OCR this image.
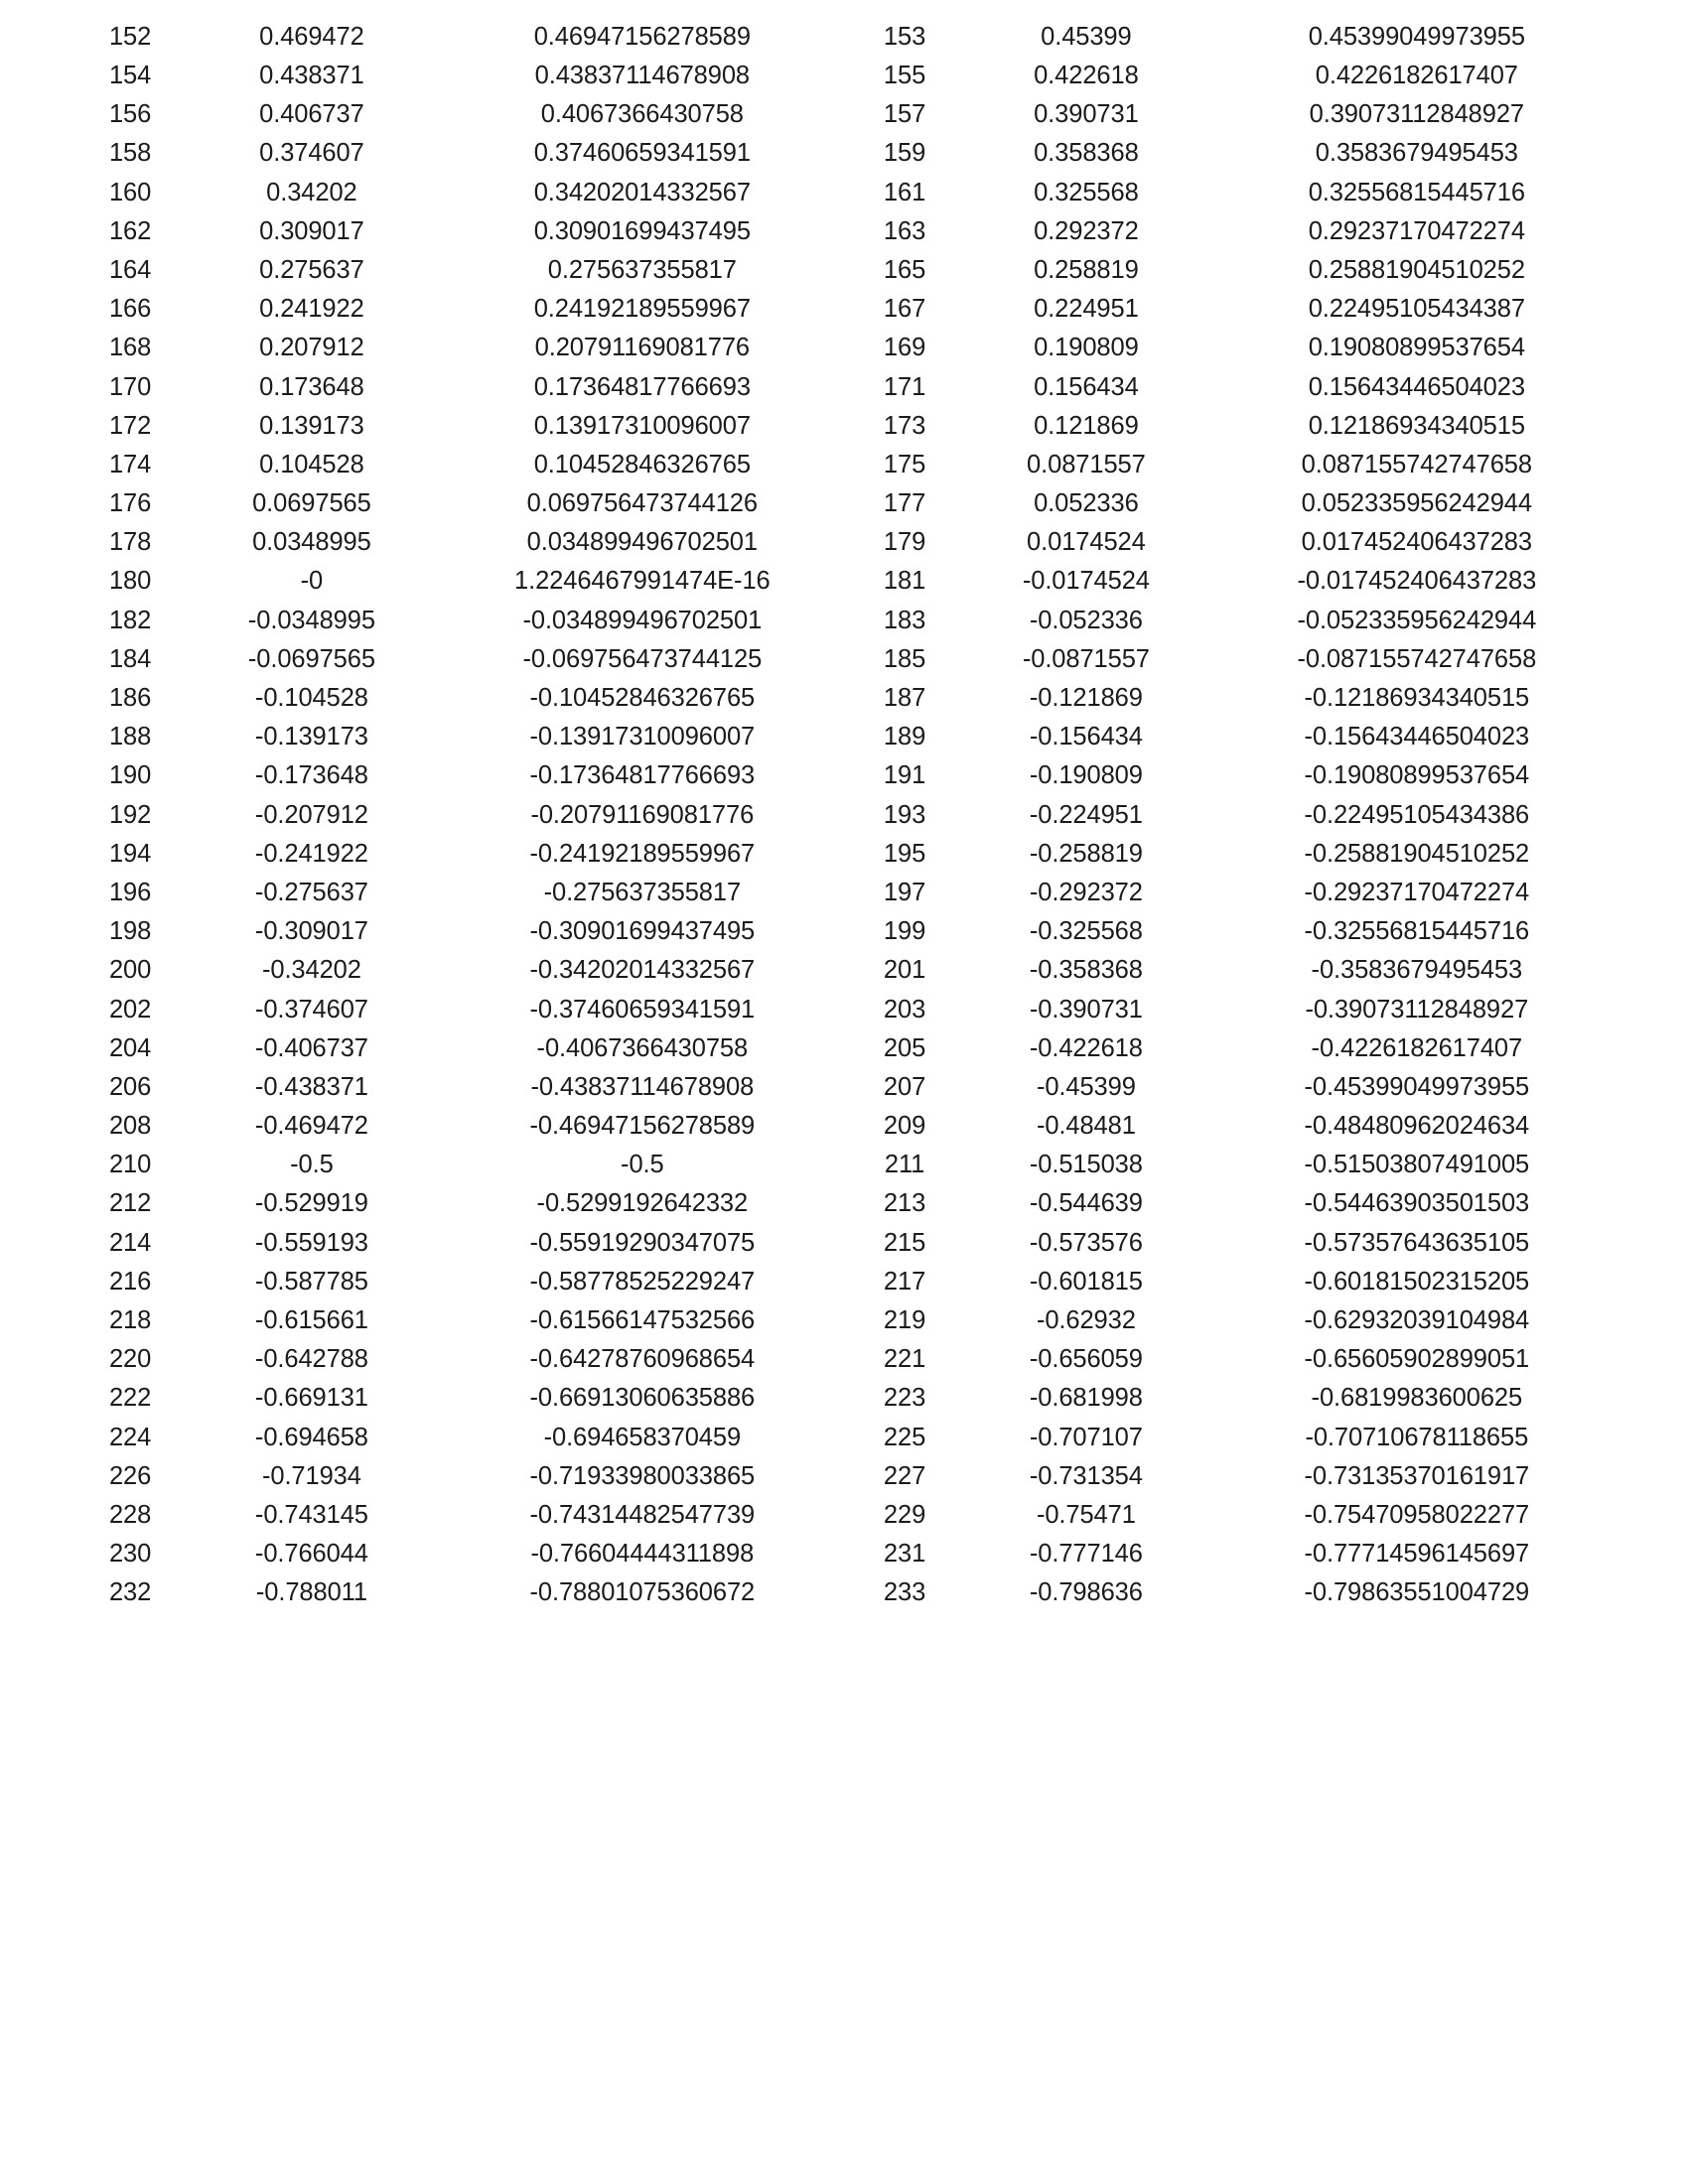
152	0.469472	0.46947156278589	153	0.45399	0.45399049973955
154	0.438371	0.43837114678908	155	0.422618	0.4226182617407
156	0.406737	0.4067366430758	157	0.390731	0.39073112848927
158	0.374607	0.37460659341591	159	0.358368	0.3583679495453
160	0.34202	0.34202014332567	161	0.325568	0.32556815445716
162	0.309017	0.30901699437495	163	0.292372	0.29237170472274
164	0.275637	0.275637355817	165	0.258819	0.25881904510252
166	0.241922	0.24192189559967	167	0.224951	0.22495105434387
168	0.207912	0.20791169081776	169	0.190809	0.19080899537654
170	0.173648	0.17364817766693	171	0.156434	0.15643446504023
172	0.139173	0.13917310096007	173	0.121869	0.12186934340515
174	0.104528	0.10452846326765	175	0.0871557	0.087155742747658
176	0.0697565	0.069756473744126	177	0.052336	0.052335956242944
178	0.0348995	0.034899496702501	179	0.0174524	0.017452406437283
180	-0	1.2246467991474E-16	181	-0.0174524	-0.017452406437283
182	-0.0348995	-0.034899496702501	183	-0.052336	-0.052335956242944
184	-0.0697565	-0.069756473744125	185	-0.0871557	-0.087155742747658
186	-0.104528	-0.10452846326765	187	-0.121869	-0.12186934340515
188	-0.139173	-0.13917310096007	189	-0.156434	-0.15643446504023
190	-0.173648	-0.17364817766693	191	-0.190809	-0.19080899537654
192	-0.207912	-0.20791169081776	193	-0.224951	-0.22495105434386
194	-0.241922	-0.24192189559967	195	-0.258819	-0.25881904510252
196	-0.275637	-0.275637355817	197	-0.292372	-0.29237170472274
198	-0.309017	-0.30901699437495	199	-0.325568	-0.32556815445716
200	-0.34202	-0.34202014332567	201	-0.358368	-0.3583679495453
202	-0.374607	-0.37460659341591	203	-0.390731	-0.39073112848927
204	-0.406737	-0.4067366430758	205	-0.422618	-0.4226182617407
206	-0.438371	-0.43837114678908	207	-0.45399	-0.45399049973955
208	-0.469472	-0.46947156278589	209	-0.48481	-0.48480962024634
210	-0.5	-0.5	211	-0.515038	-0.51503807491005
212	-0.529919	-0.5299192642332	213	-0.544639	-0.54463903501503
214	-0.559193	-0.55919290347075	215	-0.573576	-0.57357643635105
216	-0.587785	-0.58778525229247	217	-0.601815	-0.60181502315205
218	-0.615661	-0.61566147532566	219	-0.62932	-0.62932039104984
220	-0.642788	-0.64278760968654	221	-0.656059	-0.65605902899051
222	-0.669131	-0.66913060635886	223	-0.681998	-0.6819983600625
224	-0.694658	-0.694658370459	225	-0.707107	-0.70710678118655
226	-0.71934	-0.71933980033865	227	-0.731354	-0.73135370161917
228	-0.743145	-0.74314482547739	229	-0.75471	-0.75470958022277
230	-0.766044	-0.76604444311898	231	-0.777146	-0.77714596145697
232	-0.788011	-0.78801075360672	233	-0.798636	-0.79863551004729
